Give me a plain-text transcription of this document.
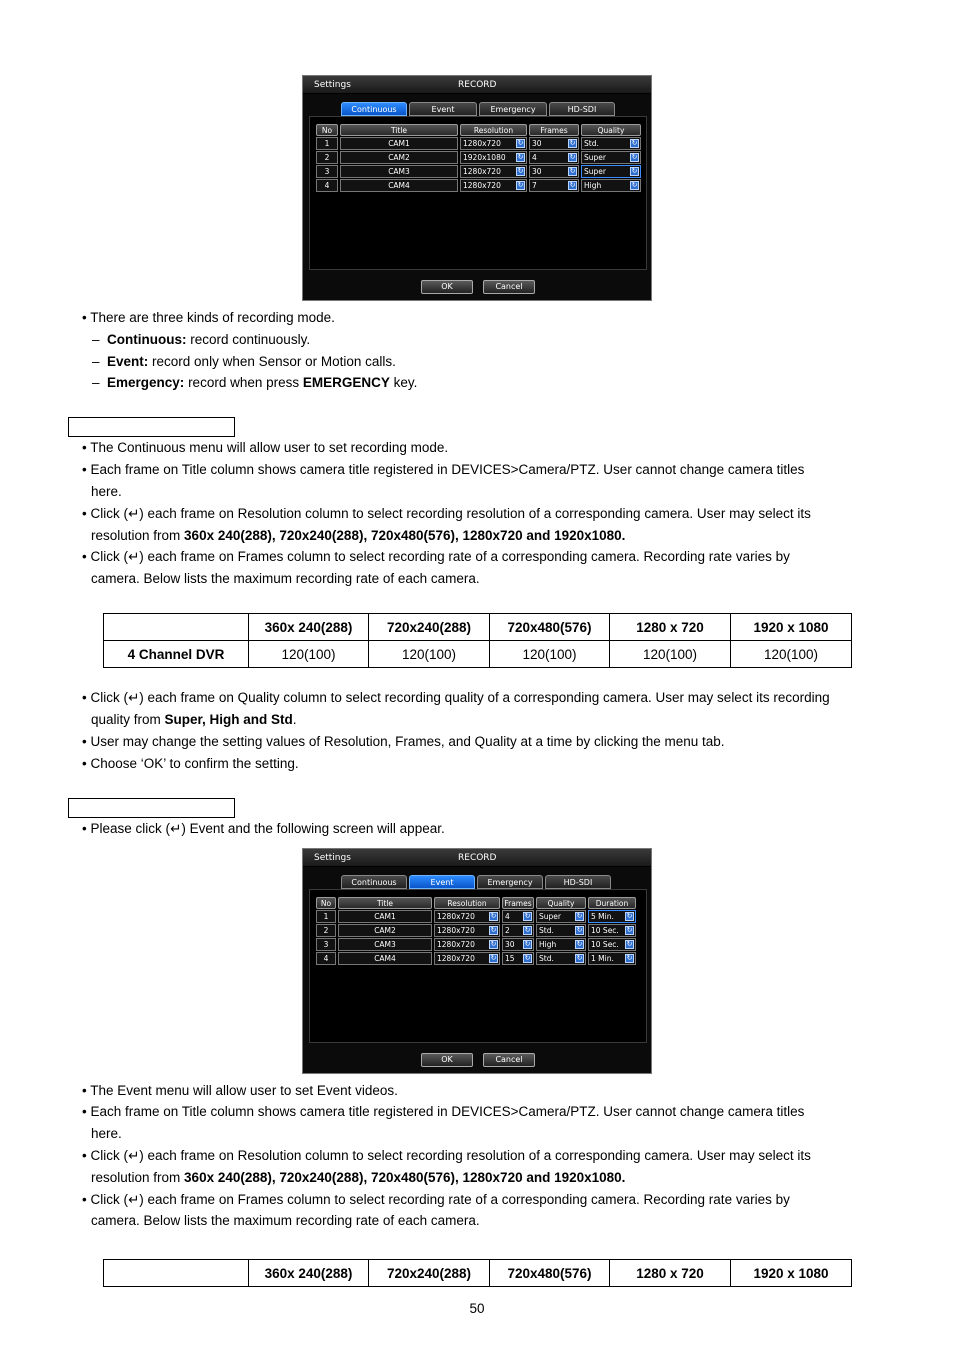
Settings	RECORD
Continuous	Event	Emergency	HD-SDI
No	Title	Resolution	Frames	Quality
1	CAM1	1280x720 ↻	30 ↻	Std. ↻

2	CAM2	1920x1080 ↻	4 ↻	Super ↻

3	CAM3	1280x720 ↻	30 ↻	Super ↻

4	CAM4	1280x720 ↻	7 ↻	High ↻
OK	Cancel
• There are three kinds of recording mode.
–  Continuous: record continuously.
–  Event: record only when Sensor or Motion calls.
–  Emergency: record when press EMERGENCY key.
• The Continuous menu will allow user to set recording mode.
• Each frame on Title column shows camera title registered in DEVICES>Camera/PTZ. User cannot change camera titles
here.
• Click (↵) each frame on Resolution column to select recording resolution of a corresponding camera. User may select its
resolution from 360x 240(288), 720x240(288), 720x480(576), 1280x720 and 1920x1080.
• Click (↵) each frame on Frames column to select recording rate of a corresponding camera. Recording rate varies by
camera. Below lists the maximum recording rate of each camera.
	360x 240(288)	720x240(288)	720x480(576)	1280 x 720	1920 x 1080
4 Channel DVR	120(100)	120(100)	120(100)	120(100)	120(100)
• Click (↵) each frame on Quality column to select recording quality of a corresponding camera. User may select its recording
quality from Super, High and Std.
• User may change the setting values of Resolution, Frames, and Quality at a time by clicking the menu tab.
• Choose ‘OK’ to confirm the setting.
• Please click (↵) Event and the following screen will appear.
Settings	RECORD
Continuous	Event	Emergency	HD-SDI
No	Title	Resolution	Frames	Quality	Duration
1	CAM1	1280x720 ↻	4 ↻	Super ↻	5 Min. ↻

2	CAM2	1280x720 ↻	2 ↻	Std. ↻	10 Sec. ↻

3	CAM3	1280x720 ↻	30 ↻	High ↻	10 Sec. ↻

4	CAM4	1280x720 ↻	15 ↻	Std. ↻	1 Min. ↻
OK	Cancel
• The Event menu will allow user to set Event videos.
• Each frame on Title column shows camera title registered in DEVICES>Camera/PTZ. User cannot change camera titles
here.
• Click (↵) each frame on Resolution column to select recording resolution of a corresponding camera. User may select its
resolution from 360x 240(288), 720x240(288), 720x480(576), 1280x720 and 1920x1080.
• Click (↵) each frame on Frames column to select recording rate of a corresponding camera. Recording rate varies by
camera. Below lists the maximum recording rate of each camera.
	360x 240(288)	720x240(288)	720x480(576)	1280 x 720	1920 x 1080
50
